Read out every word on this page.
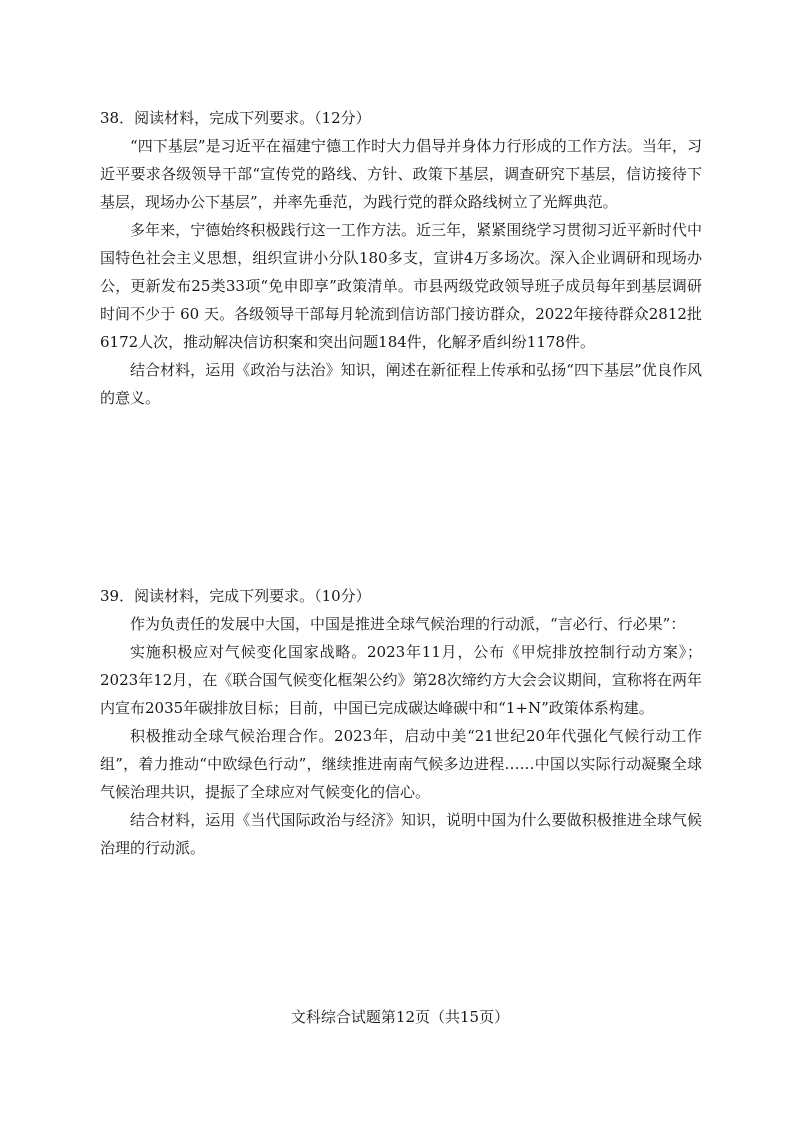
38．阅读材料，完成下列要求。（12分）

“四下基层”是习近平在福建宁德工作时大力倡导并身体力行形成的工作方法。当年，习近平要求各级领导干部“宣传党的路线、方针、政策下基层，调查研究下基层，信访接待下基层，现场办公下基层”，并率先垂范，为践行党的群众路线树立了光辉典范。

多年来，宁德始终积极践行这一工作方法。近三年，紧紧围绕学习贯彻习近平新时代中国特色社会主义思想，组织宣讲小分队180多支，宣讲4万多场次。深入企业调研和现场办公，更新发布25类33项“免申即享”政策清单。市县两级党政领导班子成员每年到基层调研时间不少于 60 天。各级领导干部每月轮流到信访部门接访群众，2022年接待群众2812批6172人次，推动解决信访积案和突出问题184件，化解矛盾纠纷1178件。

结合材料，运用《政治与法治》知识，阐述在新征程上传承和弘扬“四下基层”优良作风的意义。

39．阅读材料，完成下列要求。（10分）

作为负责任的发展中大国，中国是推进全球气候治理的行动派，“言必行、行必果”：

实施积极应对气候变化国家战略。2023年11月，公布《甲烷排放控制行动方案》；2023年12月，在《联合国气候变化框架公约》第28次缔约方大会会议期间，宣称将在两年内宣布2035年碳排放目标；目前，中国已完成碳达峰碳中和“1+N”政策体系构建。

积极推动全球气候治理合作。2023年，启动中美“21世纪20年代强化气候行动工作组”，着力推动“中欧绿色行动”，继续推进南南气候多边进程……中国以实际行动凝聚全球气候治理共识，提振了全球应对气候变化的信心。

结合材料，运用《当代国际政治与经济》知识，说明中国为什么要做积极推进全球气候治理的行动派。

文科综合试题第12页（共15页）
